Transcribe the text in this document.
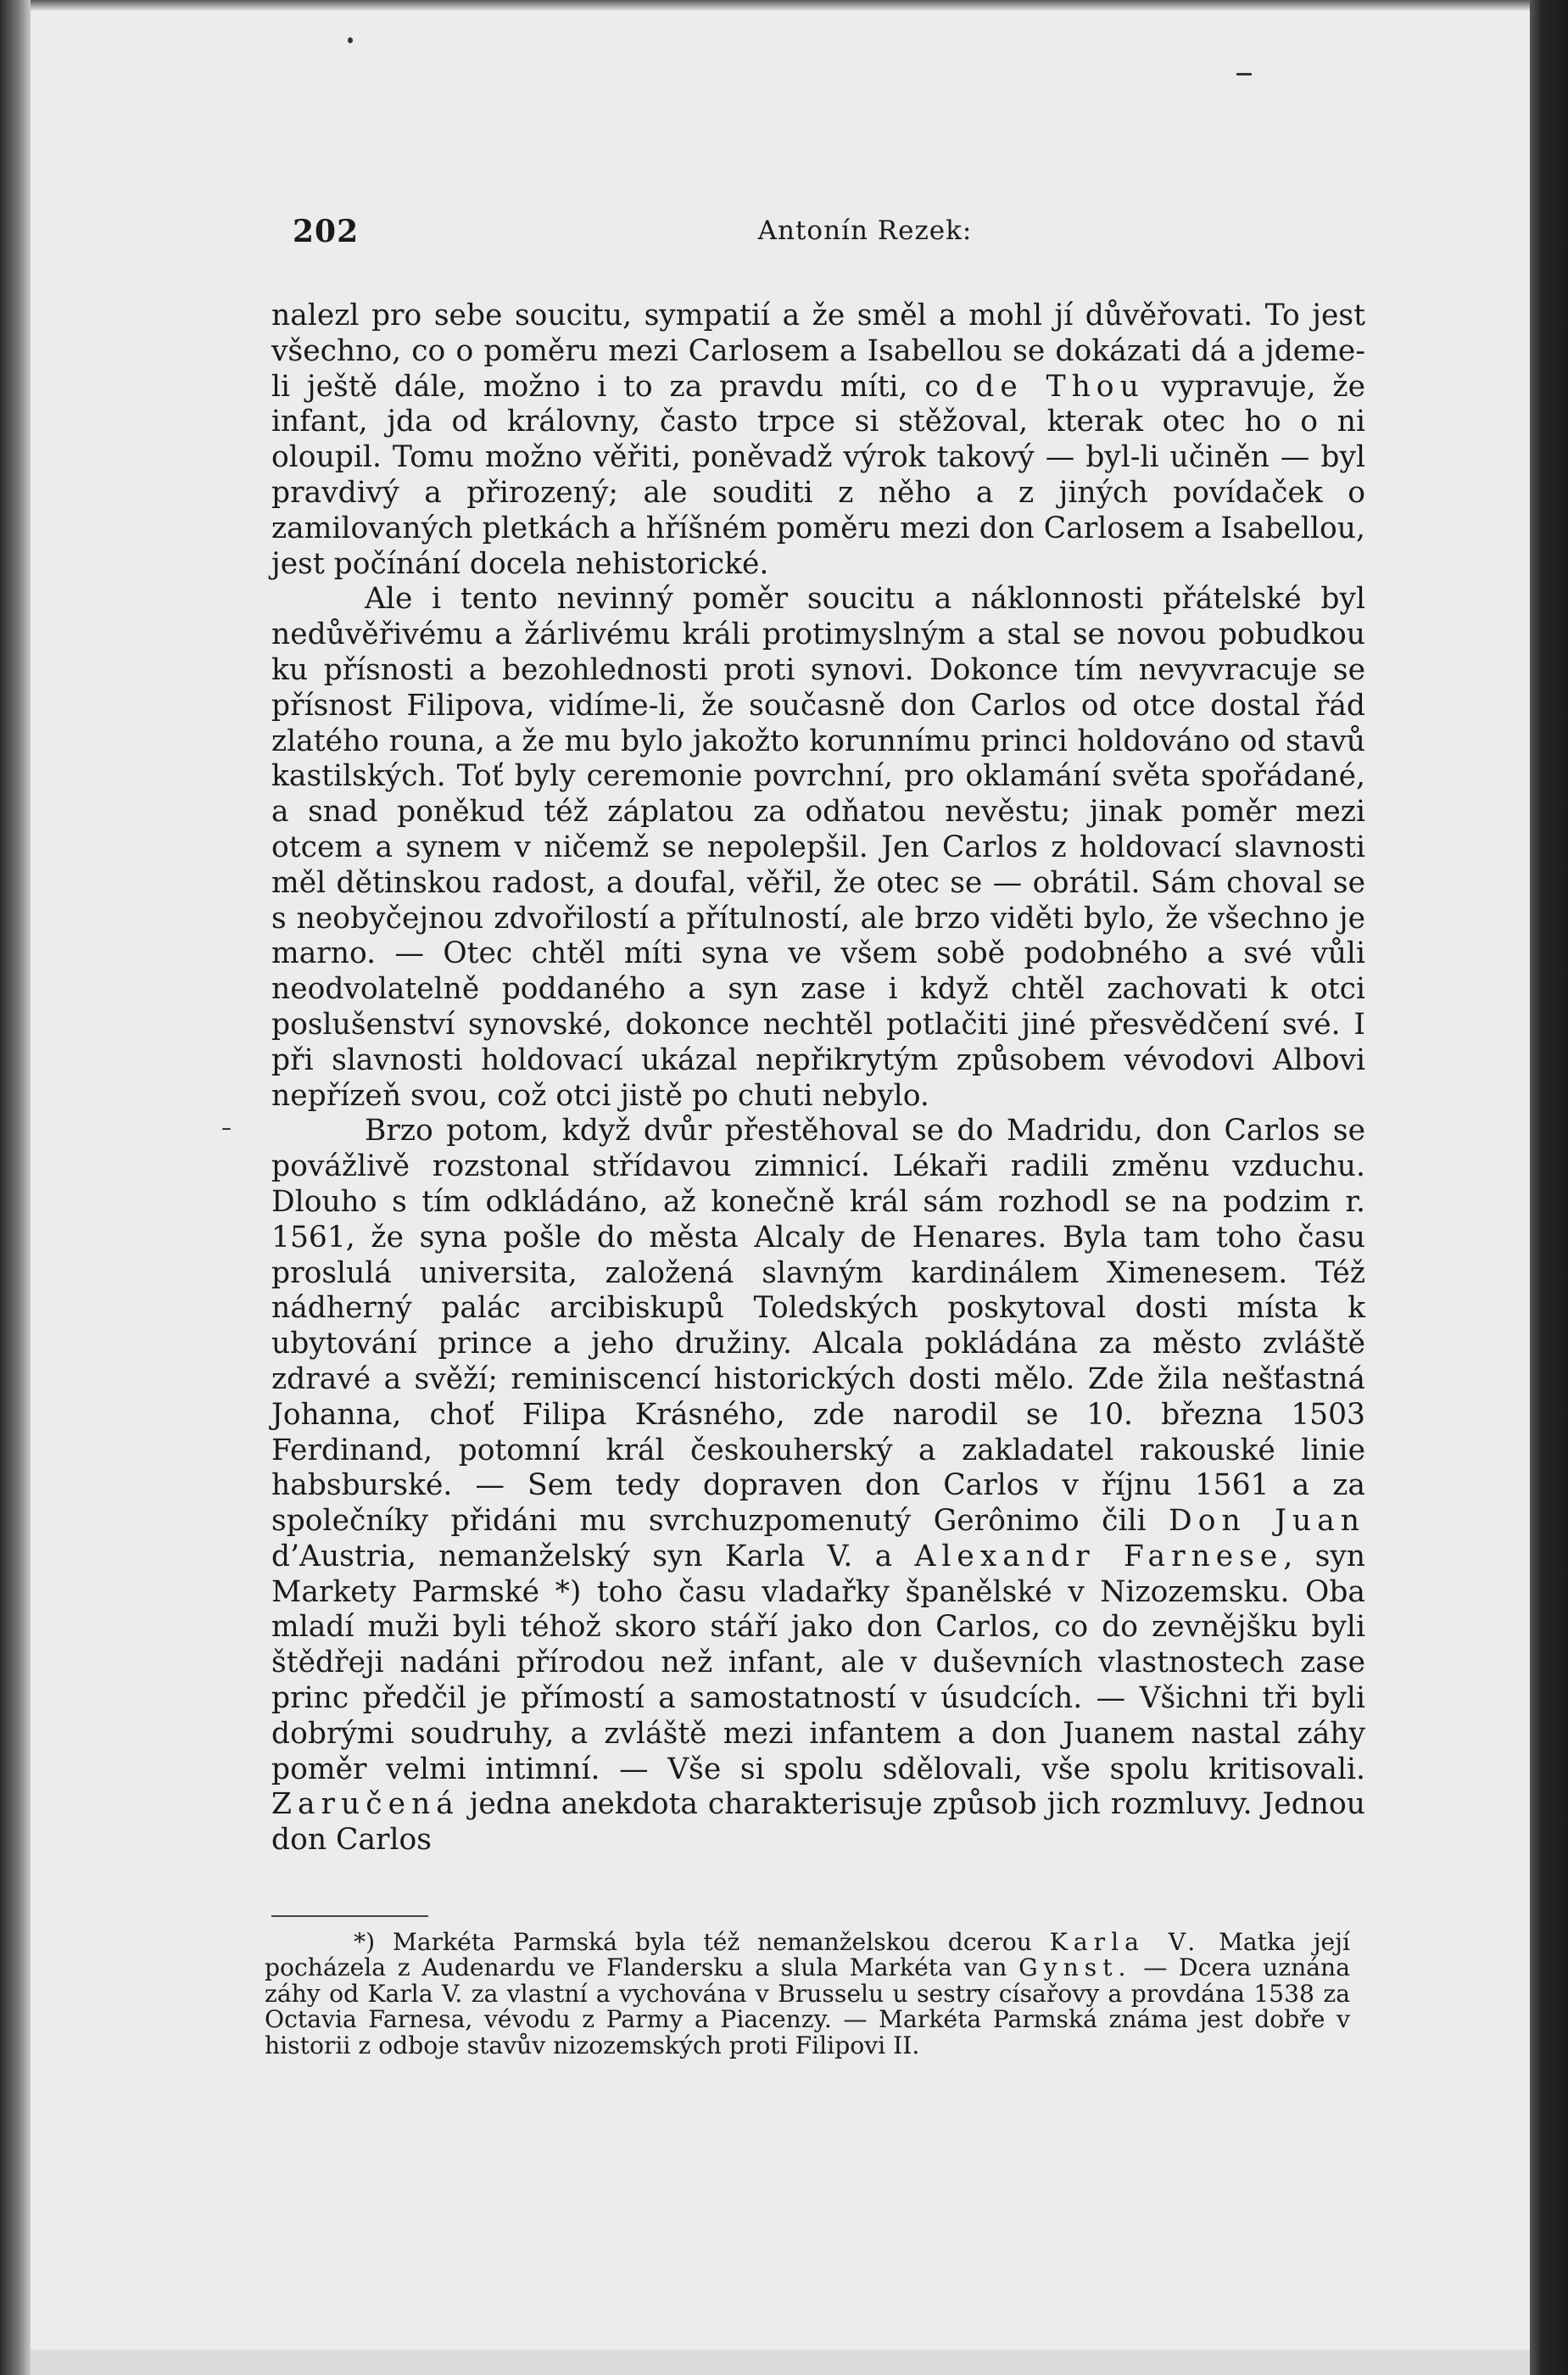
202	Antonín Rezek:

nalezl pro sebe soucitu, sympatií a že směl a mohl jí důvěřovati. To jest všechno, co o poměru mezi Carlosem a Isabellou se dokázati dá a jdeme-li ještě dále, možno i to za pravdu míti, co de Thou vypravuje, že infant, jda od královny, často trpce si stěžoval, kterak otec ho o ni oloupil. Tomu možno věřiti, poněvadž výrok takový — byl-li učiněn — byl pravdivý a přirozený; ale souditi z něho a z jiných povídaček o zamilovaných pletkách a hříšném poměru mezi don Carlosem a Isabellou, jest počínání docela nehistorické.

Ale i tento nevinný poměr soucitu a náklonnosti přátelské byl nedůvěřivému a žárlivému králi protimyslným a stal se novou pobudkou ku přísnosti a bezohlednosti proti synovi. Dokonce tím nevyvracuje se přísnost Filipova, vidíme-li, že současně don Carlos od otce dostal řád zlatého rouna, a že mu bylo jakožto korunnímu princi holdováno od stavů kastilských. Toť byly ceremonie povrchní, pro oklamání světa spořádané, a snad poněkud též záplatou za odňatou nevěstu; jinak poměr mezi otcem a synem v ničemž se nepolepšil. Jen Carlos z holdovací slavnosti měl dětinskou radost, a doufal, věřil, že otec se — obrátil. Sám choval se s neobyčejnou zdvořilostí a přítulností, ale brzo viděti bylo, že všechno je marno. — Otec chtěl míti syna ve všem sobě podobného a své vůli neodvolatelně poddaného a syn zase i když chtěl zachovati k otci poslušenství synovské, dokonce nechtěl potlačiti jiné přesvědčení své. I při slavnosti holdovací ukázal nepřikrytým způsobem vévodovi Albovi nepřízeň svou, což otci jistě po chuti nebylo.

Brzo potom, když dvůr přestěhoval se do Madridu, don Carlos se povážlivě rozstonal střídavou zimnicí. Lékaři radili změnu vzduchu. Dlouho s tím odkládáno, až konečně král sám rozhodl se na podzim r. 1561, že syna pošle do města Alcaly de Henares. Byla tam toho času proslulá universita, založená slavným kardinálem Ximenesem. Též nádherný palác arcibiskupů Toledských poskytoval dosti místa k ubytování prince a jeho družiny. Alcala pokládána za město zvláště zdravé a svěží; reminiscencí historických dosti mělo. Zde žila nešťastná Johanna, choť Filipa Krásného, zde narodil se 10. března 1503 Ferdinand, potomní král českouherský a zakladatel rakouské linie habsburské. — Sem tedy dopraven don Carlos v říjnu 1561 a za společníky přidáni mu svrchuzpomenutý Gerônimo čili Don Juan d’Austria, nemanželský syn Karla V. a Alexandr Farnese, syn Markety Parmské *) toho času vladařky španělské v Nizozemsku. Oba mladí muži byli téhož skoro stáří jako don Carlos, co do zevnějšku byli štědřeji nadáni přírodou než infant, ale v duševních vlastnostech zase princ předčil je přímostí a samostatností v úsudcích. — Všichni tři byli dobrými soudruhy, a zvláště mezi infantem a don Juanem nastal záhy poměr velmi intimní. — Vše si spolu sdělovali, vše spolu kritisovali. Zaručená jedna anekdota charakterisuje způsob jich rozmluvy. Jednou don Carlos

*) Markéta Parmská byla též nemanželskou dcerou Karla V. Matka její pocházela z Audenardu ve Flandersku a slula Markéta van Gynst. — Dcera uznána záhy od Karla V. za vlastní a vychována v Brusselu u sestry císařovy a provdána 1538 za Octavia Farnesa, vévodu z Parmy a Piacenzy. — Markéta Parmská známa jest dobře v historii z odboje stavův nizozemských proti Filipovi II.
